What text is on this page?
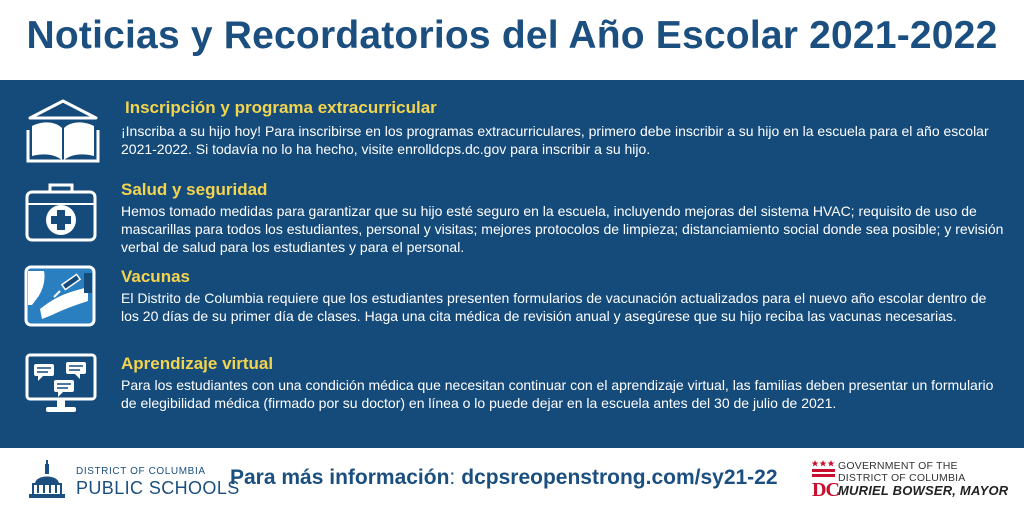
Noticias y Recordatorios del Año Escolar 2021-2022
Inscripción y programa extracurricular

¡Inscriba a su hijo hoy! Para inscribirse en los programas extracurriculares, primero debe inscribir a su hijo en la escuela para el año escolar 2021-2022. Si todavía no lo ha hecho, visite enrolldcps.dc.gov para inscribir a su hijo.

Salud y seguridad

Hemos tomado medidas para garantizar que su hijo esté seguro en la escuela, incluyendo mejoras del sistema HVAC; requisito de uso de mascarillas para todos los estudiantes, personal y visitas; mejores protocolos de limpieza; distanciamiento social donde sea posible; y revisión verbal de salud para los estudiantes y para el personal.

Vacunas

El Distrito de Columbia requiere que los estudiantes presenten formularios de vacunación actualizados para el nuevo año escolar dentro de los 20 días de su primer día de clases. Haga una cita médica de revisión anual y asegúrese que su hijo reciba las vacunas necesarias.

Aprendizaje virtual

Para los estudiantes con una condición médica que necesitan continuar con el aprendizaje virtual, las familias deben presentar un formulario de elegibilidad médica (firmado por su doctor) en línea o lo puede dejar en la escuela antes del 30 de julio de 2021.

DISTRICT OF COLUMBIA
PUBLIC SCHOOLS
Para más información: dcpsreopenstrong.com/sy21-22
DC
GOVERNMENT OF THE
DISTRICT OF COLUMBIA
MURIEL BOWSER, MAYOR
